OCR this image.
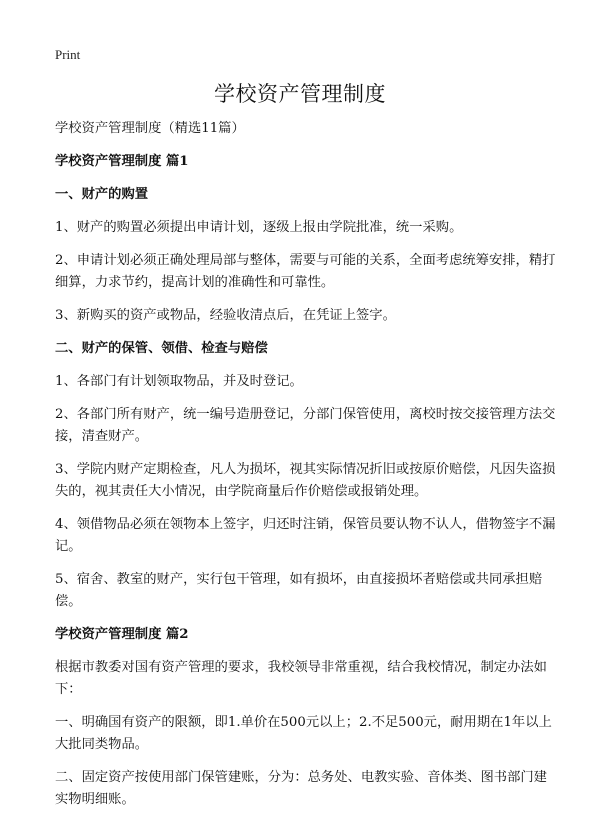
Print
学校资产管理制度
学校资产管理制度（精选11篇）
学校资产管理制度 篇1
一、财产的购置
1、财产的购置必须提出申请计划，逐级上报由学院批准，统一采购。
2、申请计划必须正确处理局部与整体，需要与可能的关系，全面考虑统筹安排，精打细算，力求节约，提高计划的准确性和可靠性。
3、新购买的资产或物品，经验收清点后，在凭证上签字。
二、财产的保管、领借、检查与赔偿
1、各部门有计划领取物品，并及时登记。
2、各部门所有财产，统一编号造册登记，分部门保管使用，离校时按交接管理方法交接，清查财产。
3、学院内财产定期检查，凡人为损坏，视其实际情况折旧或按原价赔偿，凡因失盗损失的，视其责任大小情况，由学院商量后作价赔偿或报销处理。
4、领借物品必须在领物本上签字，归还时注销，保管员要认物不认人，借物签字不漏记。
5、宿舍、教室的财产，实行包干管理，如有损坏，由直接损坏者赔偿或共同承担赔偿。
学校资产管理制度 篇2
根据市教委对国有资产管理的要求，我校领导非常重视，结合我校情况，制定办法如下：
一、明确国有资产的限额，即1.单价在500元以上；2.不足500元，耐用期在1年以上大批同类物品。
二、固定资产按使用部门保管建账，分为：总务处、电教实验、音体类、图书部门建实物明细账。
